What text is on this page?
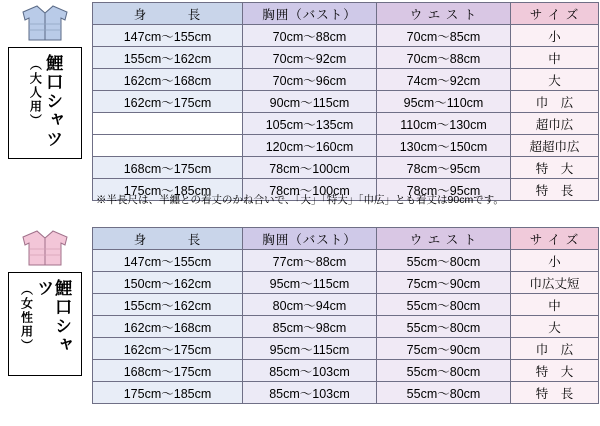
鯉口シャツ
（大人用）
身　　　長	胸囲（バスト）	ウ エ ス ト	サ イ ズ
147cm〜155cm	70cm〜88cm	70cm〜85cm	小
155cm〜162cm	70cm〜92cm	70cm〜88cm	中
162cm〜168cm	70cm〜96cm	74cm〜92cm	大
162cm〜175cm	90cm〜115cm	95cm〜110cm	巾　広
	105cm〜135cm	110cm〜130cm	超巾広
	120cm〜160cm	130cm〜150cm	超超巾広
168cm〜175cm	78cm〜100cm	78cm〜95cm	特　大
175cm〜185cm	78cm〜100cm	78cm〜95cm	特　長
※半長尺は、半纏との着丈のかね合いで、「大」「特大」「巾広」とも着丈は90cmです。
鯉口シャツ
（女性用）
身　　　長	胸囲（バスト）	ウ エ ス ト	サ イ ズ
147cm〜155cm	77cm〜88cm	55cm〜80cm	小
150cm〜162cm	95cm〜115cm	75cm〜90cm	巾広丈短
155cm〜162cm	80cm〜94cm	55cm〜80cm	中
162cm〜168cm	85cm〜98cm	55cm〜80cm	大
162cm〜175cm	95cm〜115cm	75cm〜90cm	巾　広
168cm〜175cm	85cm〜103cm	55cm〜80cm	特　大
175cm〜185cm	85cm〜103cm	55cm〜80cm	特　長
